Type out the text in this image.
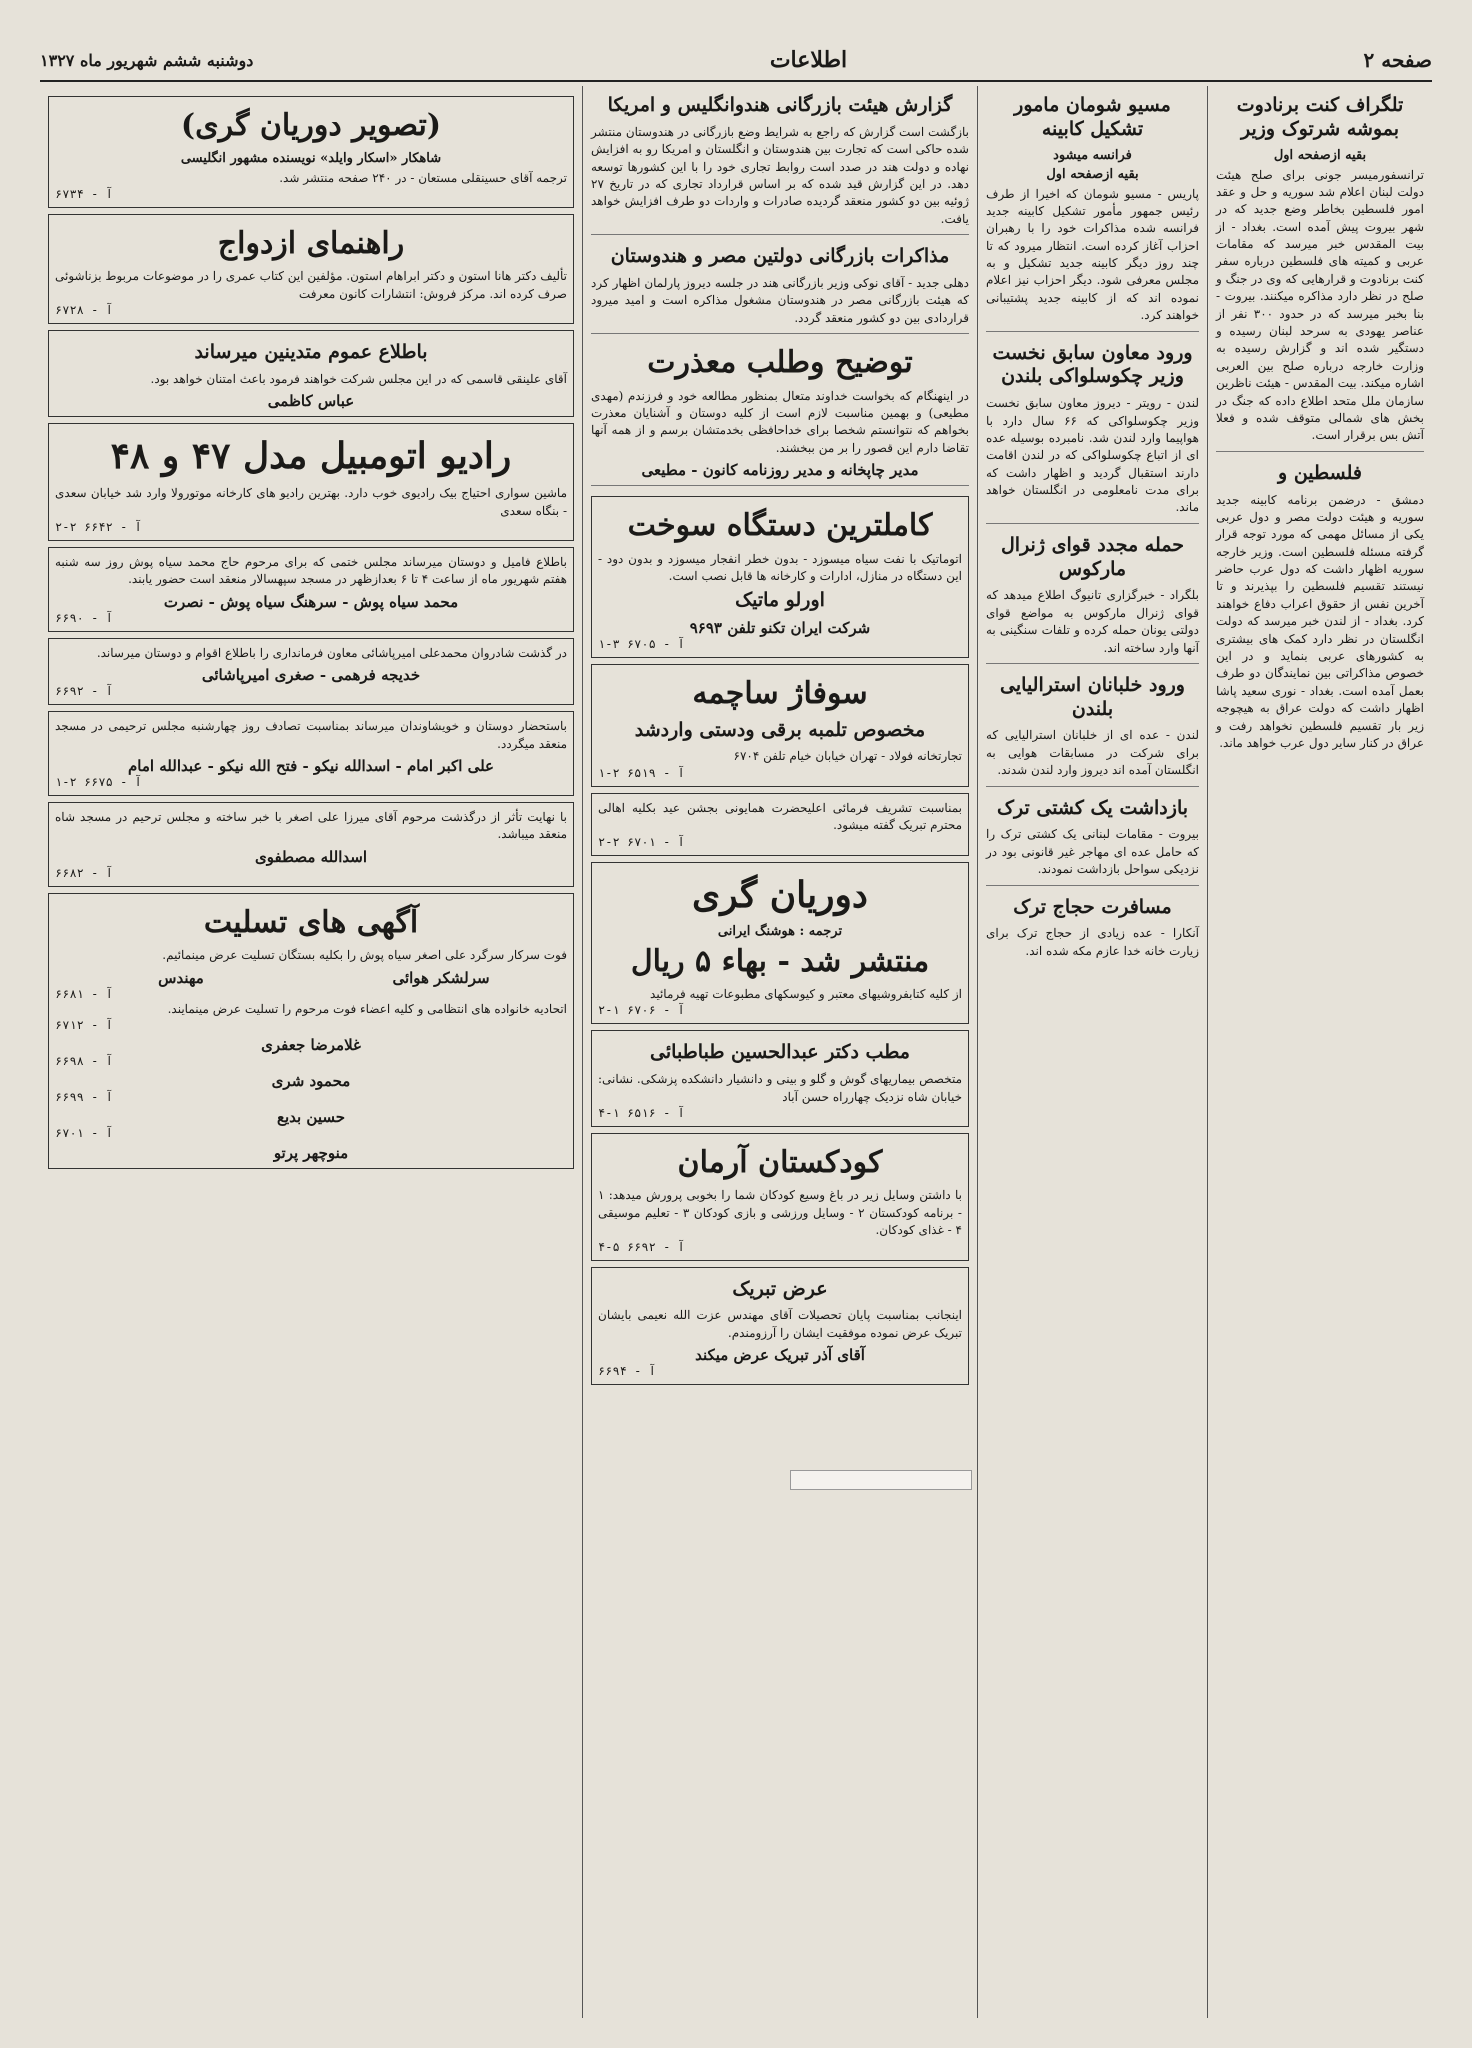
صفحه ۲
اطلاعات
دوشنبه ششم شهریور ماه ۱۳۲۷
تلگراف کنت برنادوت بموشه شرتوک وزیر
بقیه ازصفحه اول
ترانسفورمیسر جونی برای صلح هیئت دولت لبنان اعلام شد سوریه و حل و عقد امور فلسطین بخاطر وضع جدید که در شهر بیروت پیش آمده است. بغداد - از بیت المقدس خبر میرسد که مقامات عربی و کمیته های فلسطین درباره سفر کنت برنادوت و قرارهایی که وی در جنگ و صلح در نظر دارد مذاکره میکنند. بیروت - بنا بخبر میرسد که در حدود ۳۰۰ نفر از عناصر یهودی به سرحد لبنان رسیده و دستگیر شده اند و گزارش رسیده به وزارت خارجه درباره صلح بین العربی اشاره میکند. بیت المقدس - هیئت ناظرین سازمان ملل متحد اطلاع داده که جنگ در بخش های شمالی متوقف شده و فعلا آتش بس برقرار است.
فلسطین و
دمشق - درضمن برنامه کابینه جدید سوریه و هیئت دولت مصر و دول عربی یکی از مسائل مهمی که مورد توجه قرار گرفته مسئله فلسطین است. وزیر خارجه سوریه اظهار داشت که دول عرب حاضر نیستند تقسیم فلسطین را بپذیرند و تا آخرین نفس از حقوق اعراب دفاع خواهند کرد. بغداد - از لندن خبر میرسد که دولت انگلستان در نظر دارد کمک های بیشتری به کشورهای عربی بنماید و در این خصوص مذاکراتی بین نمایندگان دو طرف بعمل آمده است. بغداد - نوری سعید پاشا اظهار داشت که دولت عراق به هیچوجه زیر بار تقسیم فلسطین نخواهد رفت و عراق در کنار سایر دول عرب خواهد ماند.
مسیو شومان مامور تشکیل کابینه
فرانسه میشود
بقیه ازصفحه اول
پاریس - مسیو شومان که اخیرا از طرف رئیس جمهور مأمور تشکیل کابینه جدید فرانسه شده مذاکرات خود را با رهبران احزاب آغاز کرده است. انتظار میرود که تا چند روز دیگر کابینه جدید تشکیل و به مجلس معرفی شود. دیگر احزاب نیز اعلام نموده اند که از کابینه جدید پشتیبانی خواهند کرد.
ورود معاون سابق نخست وزیر چکوسلواکی بلندن
لندن - رویتر - دیروز معاون سابق نخست وزیر چکوسلواکی که ۶۶ سال دارد با هواپیما وارد لندن شد. نامبرده بوسیله عده ای از اتباع چکوسلواکی که در لندن اقامت دارند استقبال گردید و اظهار داشت که برای مدت نامعلومی در انگلستان خواهد ماند.
حمله مجدد قوای ژنرال مارکوس
بلگراد - خبرگزاری تانیوگ اطلاع میدهد که قوای ژنرال مارکوس به مواضع قوای دولتی یونان حمله کرده و تلفات سنگینی به آنها وارد ساخته اند.
ورود خلبانان استرالیایی بلندن
لندن - عده ای از خلبانان استرالیایی که برای شرکت در مسابقات هوایی به انگلستان آمده اند دیروز وارد لندن شدند.
بازداشت یک کشتی ترک
بیروت - مقامات لبنانی یک کشتی ترک را که حامل عده ای مهاجر غیر قانونی بود در نزدیکی سواحل بازداشت نمودند.
مسافرت حجاج ترک
آنکارا - عده زیادی از حجاج ترک برای زیارت خانه خدا عازم مکه شده اند.
گزارش هیئت بازرگانی هندوانگلیس و امریکا
بازگشت است گزارش که راجع به شرایط وضع بازرگانی در هندوستان منتشر شده حاکی است که تجارت بین هندوستان و انگلستان و امریکا رو به افزایش نهاده و دولت هند در صدد است روابط تجاری خود را با این کشورها توسعه دهد. در این گزارش قید شده که بر اساس قرارداد تجاری که در تاریخ ۲۷ ژوئیه بین دو کشور منعقد گردیده صادرات و واردات دو طرف افزایش خواهد یافت.
مذاکرات بازرگانی دولتین مصر و هندوستان
دهلی جدید - آقای نوکی وزیر بازرگانی هند در جلسه دیروز پارلمان اظهار کرد که هیئت بازرگانی مصر در هندوستان مشغول مذاکره است و امید میرود قراردادی بین دو کشور منعقد گردد.
توضیح وطلب معذرت
در اینهنگام که بخواست خداوند متعال بمنظور مطالعه خود و فرزندم (مهدی مطیعی) و بهمین مناسبت لازم است از کلیه دوستان و آشنایان معذرت بخواهم که نتوانستم شخصا برای خداحافظی بخدمتشان برسم و از همه آنها تقاضا دارم این قصور را بر من ببخشند.
مدیر چاپخانه و مدیر روزنامه کانون - مطیعی
کاملترین دستگاه سوخت
اتوماتیک با نفت سیاه میسوزد - بدون خطر انفجار میسوزد و بدون دود - این دستگاه در منازل، ادارات و کارخانه ها قابل نصب است.
اورلو ماتیک
شرکت ایران تکنو تلفن ۹۶۹۳
آ - ۶۷۰۵ ۳-۱
سوفاژ ساچمه
مخصوص تلمبه برقی ودستی واردشد
تجارتخانه فولاد - تهران خیابان خیام تلفن ۶۷۰۴
آ - ۶۵۱۹ ۲-۱
بمناسبت تشریف فرمائی اعلیحضرت همایونی بجشن عید بکلیه اهالی محترم تبریک گفته میشود.
آ - ۶۷۰۱ ۲-۲
دوریان گری
ترجمه : هوشنگ ایرانی
منتشر شد - بهاء ۵ ریال
از کلیه کتابفروشیهای معتبر و کیوسکهای مطبوعات تهیه فرمائید
آ - ۶۷۰۶ ۱-۲
مطب دکتر عبدالحسین طباطبائی
متخصص بیماریهای گوش و گلو و بینی و دانشیار دانشکده پزشکی. نشانی: خیابان شاه نزدیک چهارراه حسن آباد
آ - ۶۵۱۶ ۱-۴
کودکستان آرمان
با داشتن وسایل زیر در باغ وسیع کودکان شما را بخوبی پرورش میدهد: ۱ - برنامه کودکستان ۲ - وسایل ورزشی و بازی کودکان ۳ - تعلیم موسیقی ۴ - غذای کودکان.
آ - ۶۶۹۲ ۵-۴
عرض تبریک
اینجانب بمناسبت پایان تحصیلات آقای مهندس عزت الله نعیمی بایشان تبریک عرض نموده موفقیت ایشان را آرزومندم.
آقای آذر تبریک عرض میکند
آ - ۶۶۹۴
(تصویر دوریان گری)
شاهکار «اسکار وایلد» نویسنده مشهور انگلیسی
ترجمه آقای حسینقلی مستعان - در ۲۴۰ صفحه منتشر شد.
آ - ۶۷۳۴
راهنمای ازدواج
تألیف دکتر هانا استون و دکتر ابراهام استون. مؤلفین این کتاب عمری را در موضوعات مربوط بزناشوئی صرف کرده اند. مرکز فروش: انتشارات کانون معرفت
آ - ۶۷۲۸
باطلاع عموم متدینین میرساند
آقای علینقی قاسمی که در این مجلس شرکت خواهند فرمود باعث امتنان خواهد بود.
عباس کاظمی
رادیو اتومبیل مدل ۴۷ و ۴۸
ماشین سواری احتیاج بیک رادیوی خوب دارد. بهترین رادیو های کارخانه موتورولا وارد شد خیابان سعدی - بنگاه سعدی
آ - ۶۶۴۲ ۲-۲
باطلاع فامیل و دوستان میرساند مجلس ختمی که برای مرحوم حاج محمد سیاه پوش روز سه شنبه هفتم شهریور ماه از ساعت ۴ تا ۶ بعدازظهر در مسجد سپهسالار منعقد است حضور یابند.
محمد سیاه پوش - سرهنگ سیاه پوش - نصرت
آ - ۶۶۹۰
در گذشت شادروان محمدعلی امیرپاشائی معاون فرمانداری را باطلاع اقوام و دوستان میرساند.
خدیجه فرهمی - صغری امیرپاشائی
آ - ۶۶۹۲
باستحضار دوستان و خویشاوندان میرساند بمناسبت تصادف روز چهارشنبه مجلس ترحیمی در مسجد منعقد میگردد.
علی اکبر امام - اسدالله نیکو - فتح الله نیکو - عبدالله امام
آ - ۶۶۷۵ ۲-۱
با نهایت تأثر از درگذشت مرحوم آقای میرزا علی اصغر با خبر ساخته و مجلس ترحیم در مسجد شاه منعقد میباشد.
اسدالله مصطفوی
آ - ۶۶۸۲
آگهی های تسلیت
فوت سرکار سرگرد علی اصغر سیاه پوش را بکلیه بستگان تسلیت عرض مینمائیم.
سرلشکر هوائی
مهندس
آ - ۶۶۸۱
اتحادیه خانواده های انتظامی و کلیه اعضاء فوت مرحوم را تسلیت عرض مینمایند.
آ - ۶۷۱۲
غلامرضا جعفری
آ - ۶۶۹۸
محمود شری
آ - ۶۶۹۹
حسین بدیع
آ - ۶۷۰۱
منوچهر پرتو
